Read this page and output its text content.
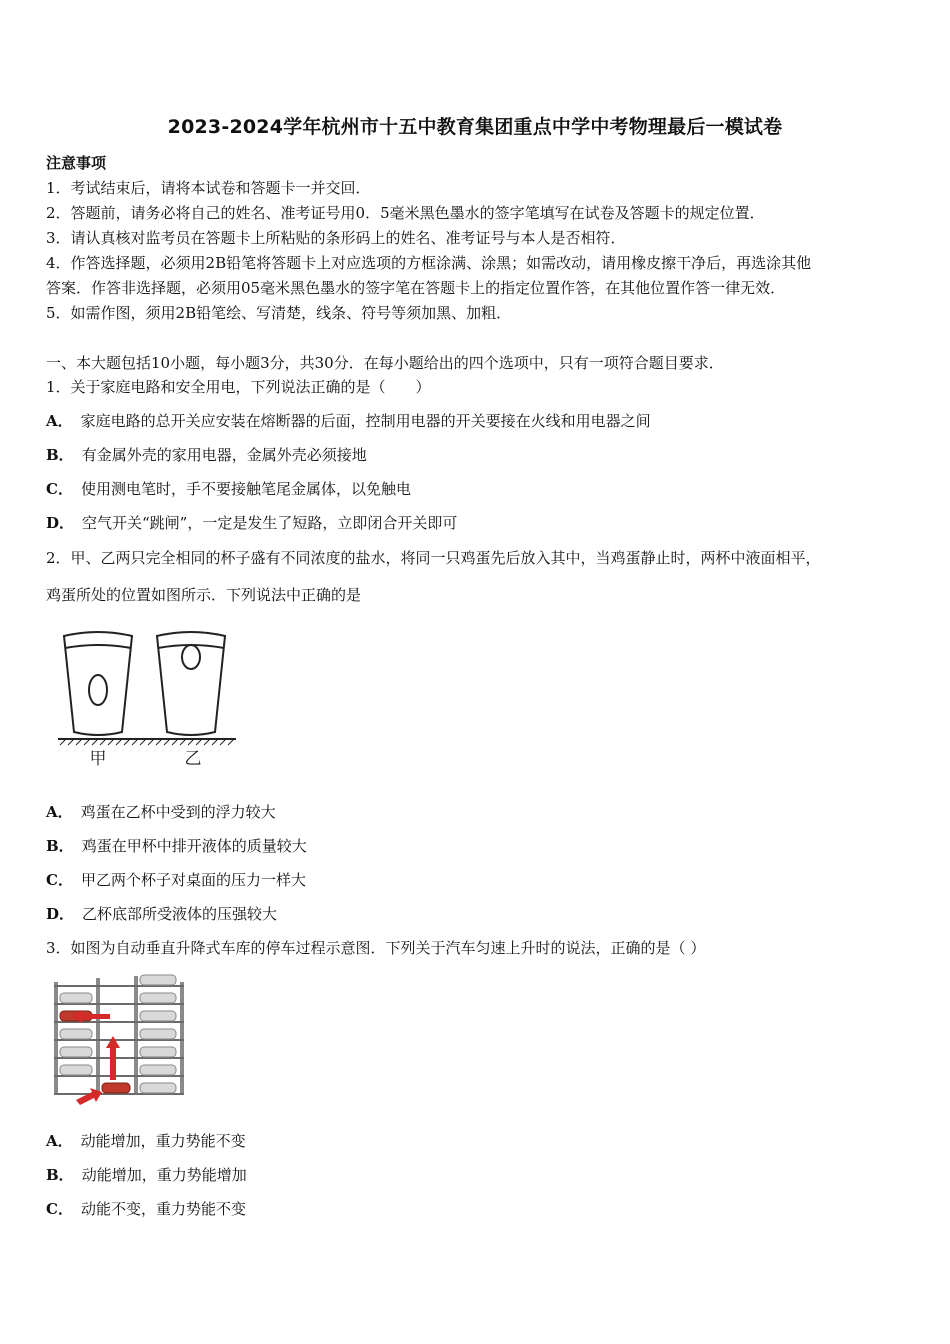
2023-2024学年杭州市十五中教育集团重点中学中考物理最后一模试卷
注意事项
1．考试结束后，请将本试卷和答题卡一并交回．
2．答题前，请务必将自己的姓名、准考证号用0．5毫米黑色墨水的签字笔填写在试卷及答题卡的规定位置．
3．请认真核对监考员在答题卡上所粘贴的条形码上的姓名、准考证号与本人是否相符．
4．作答选择题，必须用2B铅笔将答题卡上对应选项的方框涂满、涂黑；如需改动，请用橡皮擦干净后，再选涂其他
答案．作答非选择题，必须用05毫米黑色墨水的签字笔在答题卡上的指定位置作答，在其他位置作答一律无效．
5．如需作图，须用2B铅笔绘、写清楚，线条、符号等须加黑、加粗．
一、本大题包括10小题，每小题3分，共30分．在每小题给出的四个选项中，只有一项符合题目要求．
1．关于家庭电路和安全用电，下列说法正确的是（　　）
A． 家庭电路的总开关应安装在熔断器的后面，控制用电器的开关要接在火线和用电器之间
B． 有金属外壳的家用电器，金属外壳必须接地
C． 使用测电笔时，手不要接触笔尾金属体，以免触电
D． 空气开关“跳闸”，一定是发生了短路，立即闭合开关即可
2．甲、乙两只完全相同的杯子盛有不同浓度的盐水，将同一只鸡蛋先后放入其中，当鸡蛋静止时，两杯中液面相平，
鸡蛋所处的位置如图所示．下列说法中正确的是
甲	乙
A． 鸡蛋在乙杯中受到的浮力较大
B． 鸡蛋在甲杯中排开液体的质量较大
C． 甲乙两个杯子对桌面的压力一样大
D． 乙杯底部所受液体的压强较大
3．如图为自动垂直升降式车库的停车过程示意图．下列关于汽车匀速上升时的说法，正确的是（ ）
A． 动能增加，重力势能不变
B． 动能增加，重力势能增加
C． 动能不变，重力势能不变
